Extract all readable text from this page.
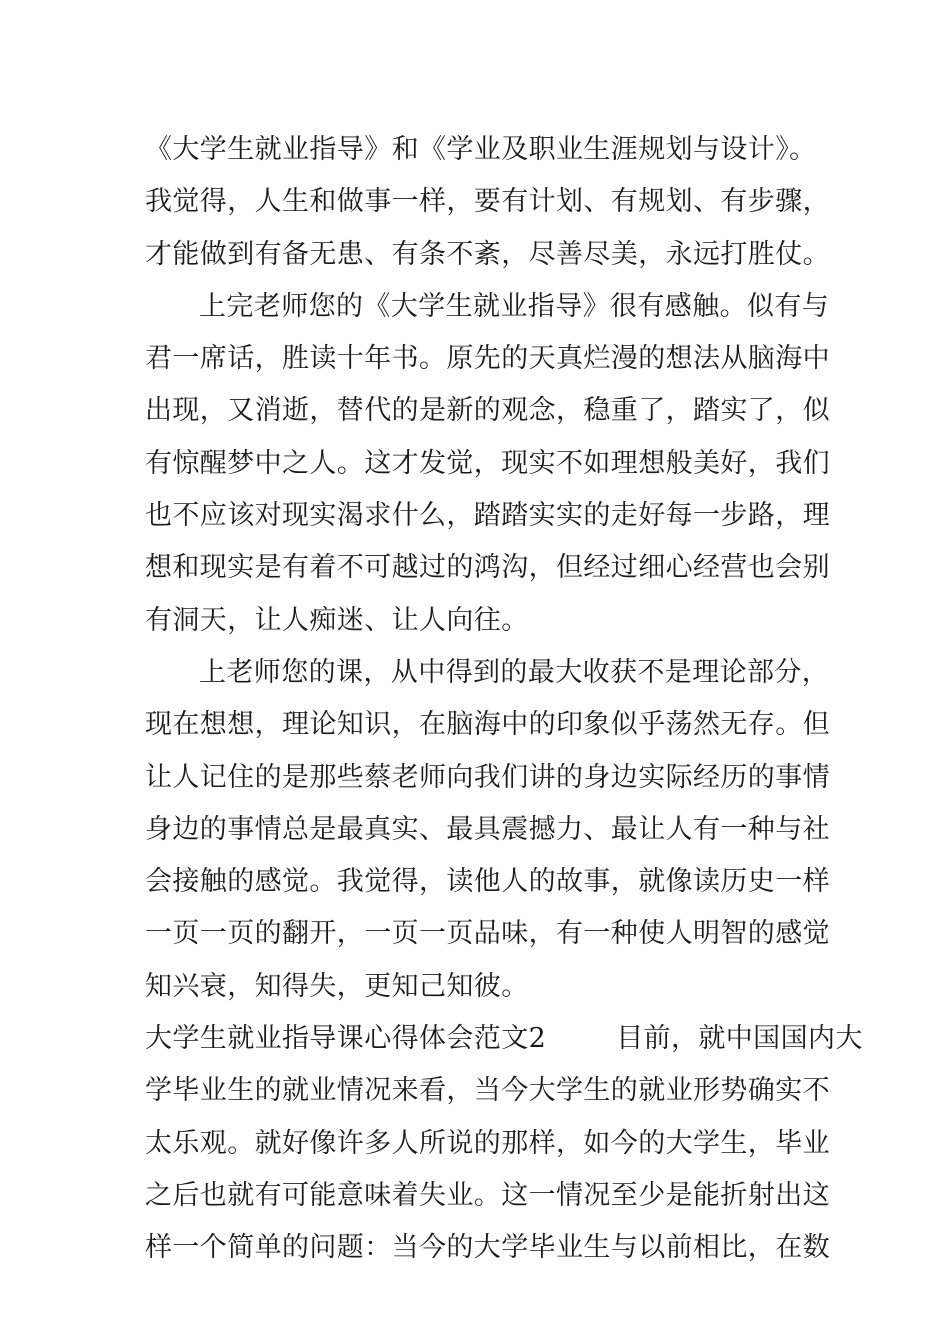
《大学生就业指导》和《学业及职业生涯规划与设计》。
我觉得，人生和做事一样，要有计划、有规划、有步骤，
才能做到有备无患、有条不紊，尽善尽美，永远打胜仗。
上完老师您的《大学生就业指导》很有感触。似有与
君一席话，胜读十年书。原先的天真烂漫的想法从脑海中
出现，又消逝，替代的是新的观念，稳重了，踏实了，似
有惊醒梦中之人。这才发觉，现实不如理想般美好，我们
也不应该对现实渴求什么，踏踏实实的走好每一步路，理
想和现实是有着不可越过的鸿沟，但经过细心经营也会别
有洞天，让人痴迷、让人向往。
上老师您的课，从中得到的最大收获不是理论部分，
现在想想，理论知识，在脑海中的印象似乎荡然无存。但
让人记住的是那些蔡老师向我们讲的身边实际经历的事情
身边的事情总是最真实、最具震撼力、最让人有一种与社
会接触的感觉。我觉得，读他人的故事，就像读历史一样
一页一页的翻开，一页一页品味，有一种使人明智的感觉
知兴衰，知得失，更知己知彼。
大学生就业指导课心得体会范文2	目前，就中国国内大
学毕业生的就业情况来看，当今大学生的就业形势确实不
太乐观。就好像许多人所说的那样，如今的大学生，毕业
之后也就有可能意味着失业。这一情况至少是能折射出这
样一个简单的问题：当今的大学毕业生与以前相比，在数
